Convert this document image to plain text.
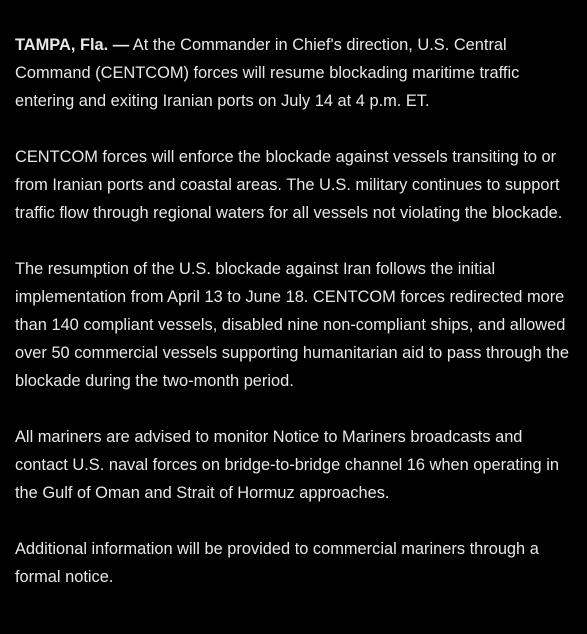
TAMPA, Fla. — At the Commander in Chief's direction, U.S. Central Command (CENTCOM) forces will resume blockading maritime traffic entering and exiting Iranian ports on July 14 at 4 p.m. ET.

CENTCOM forces will enforce the blockade against vessels transiting to or from Iranian ports and coastal areas. The U.S. military continues to support traffic flow through regional waters for all vessels not violating the blockade.

The resumption of the U.S. blockade against Iran follows the initial implementation from April 13 to June 18. CENTCOM forces redirected more than 140 compliant vessels, disabled nine non-compliant ships, and allowed over 50 commercial vessels supporting humanitarian aid to pass through the blockade during the two-month period.

All mariners are advised to monitor Notice to Mariners broadcasts and contact U.S. naval forces on bridge-to-bridge channel 16 when operating in the Gulf of Oman and Strait of Hormuz approaches.

Additional information will be provided to commercial mariners through a formal notice.
